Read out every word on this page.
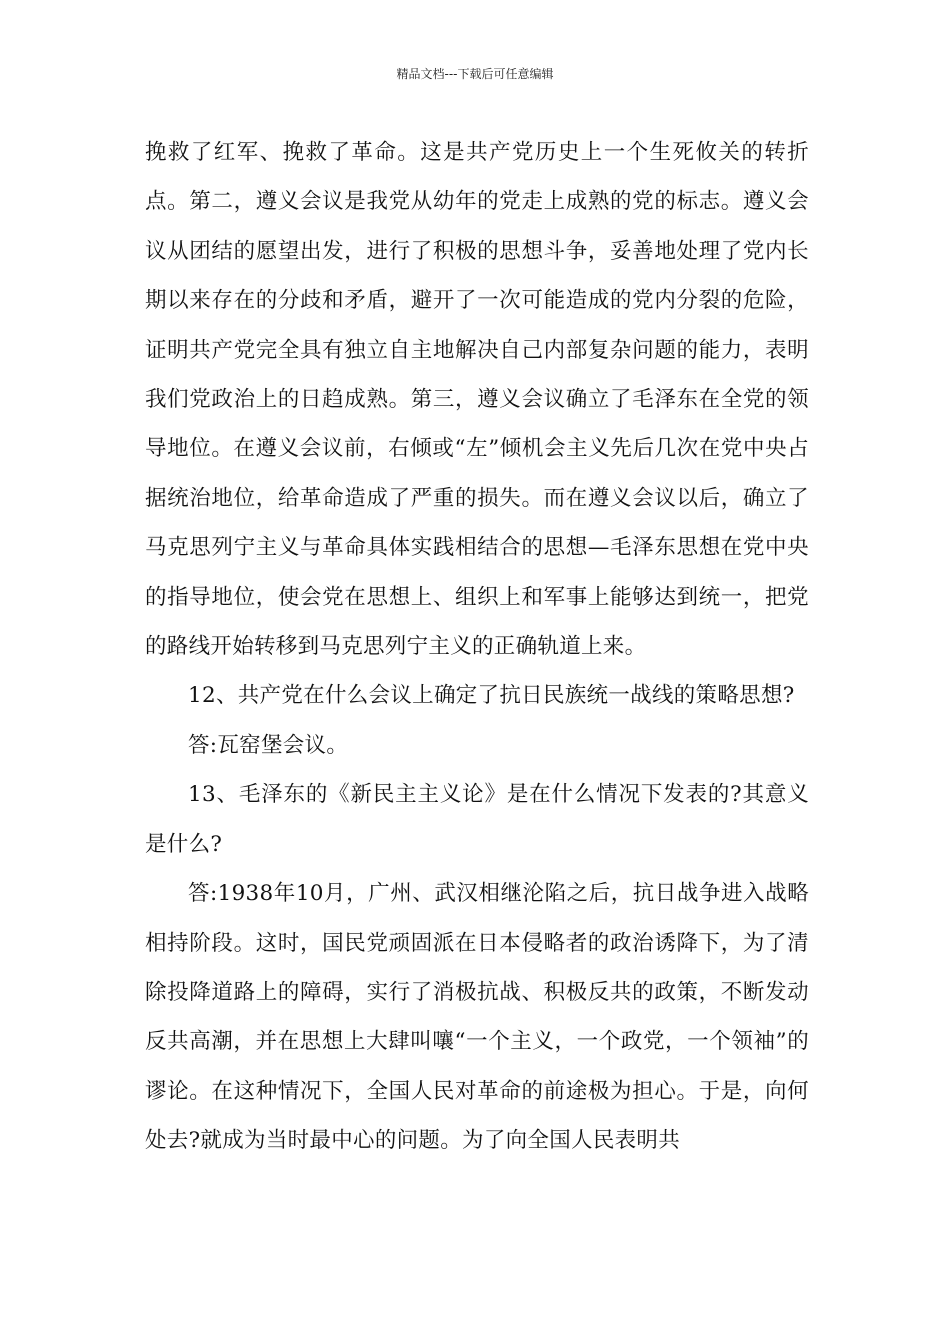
精品文档---下载后可任意编辑

挽救了红军、挽救了革命。这是共产党历史上一个生死攸关的转折点。第二，遵义会议是我党从幼年的党走上成熟的党的标志。遵义会议从团结的愿望出发，进行了积极的思想斗争，妥善地处理了党内长期以来存在的分歧和矛盾，避开了一次可能造成的党内分裂的危险，证明共产党完全具有独立自主地解决自己内部复杂问题的能力，表明我们党政治上的日趋成熟。第三，遵义会议确立了毛泽东在全党的领导地位。在遵义会议前，右倾或“左”倾机会主义先后几次在党中央占据统治地位，给革命造成了严重的损失。而在遵义会议以后，确立了马克思列宁主义与革命具体实践相结合的思想—毛泽东思想在党中央的指导地位，使会党在思想上、组织上和军事上能够达到统一，把党的路线开始转移到马克思列宁主义的正确轨道上来。

12、共产党在什么会议上确定了抗日民族统一战线的策略思想?

答:瓦窑堡会议。

13、毛泽东的《新民主主义论》是在什么情况下发表的?其意义是什么?

答:1938年10月，广州、武汉相继沦陷之后，抗日战争进入战略相持阶段。这时，国民党顽固派在日本侵略者的政治诱降下，为了清除投降道路上的障碍，实行了消极抗战、积极反共的政策，不断发动反共高潮，并在思想上大肆叫嚷“一个主义，一个政党，一个领袖”的谬论。在这种情况下，全国人民对革命的前途极为担心。于是，向何处去?就成为当时最中心的问题。为了向全国人民表明共
